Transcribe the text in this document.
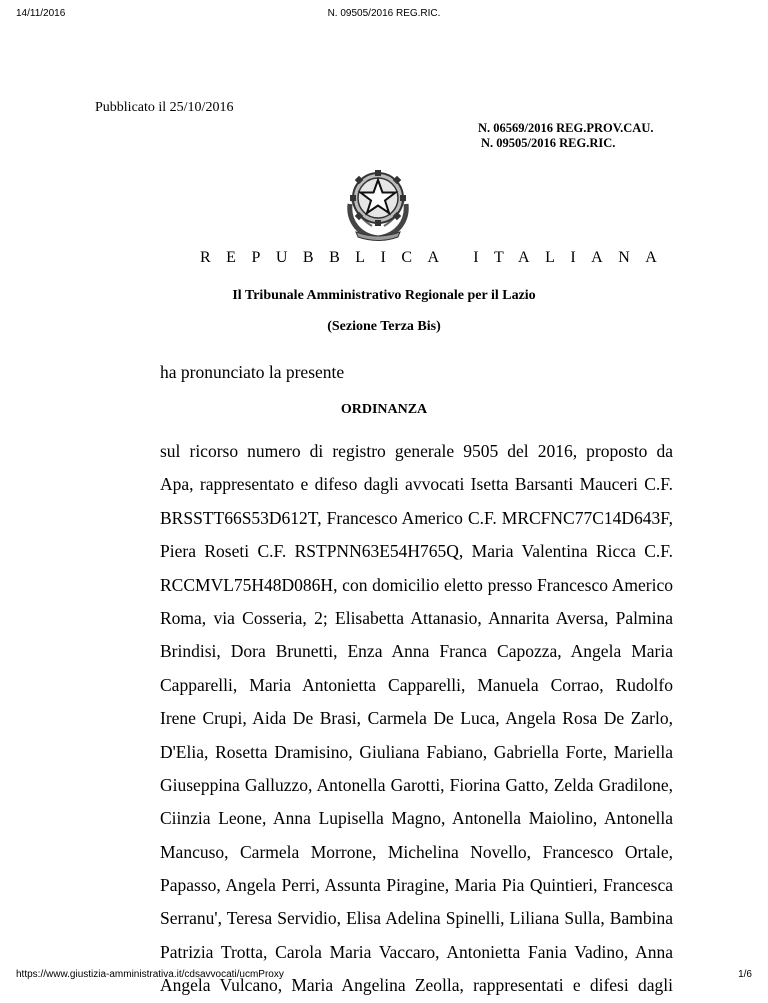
14/11/2016	N. 09505/2016 REG.RIC.
Pubblicato il 25/10/2016
N. 06569/2016 REG.PROV.CAU.
N. 09505/2016 REG.RIC.
REPUBBLICA ITALIANA
Il Tribunale Amministrativo Regionale per il Lazio
(Sezione Terza Bis)
ha pronunciato la presente
ORDINANZA
sul ricorso numero di registro generale 9505 del 2016, proposto da
Apa, rappresentato e difeso dagli avvocati Isetta Barsanti Mauceri C.F.
BRSSTT66S53D612T, Francesco Americo C.F. MRCFNC77C14D643F,
Piera Roseti C.F. RSTPNN63E54H765Q, Maria Valentina Ricca C.F.
RCCMVL75H48D086H, con domicilio eletto presso Francesco Americo
Roma, via Cosseria, 2; Elisabetta Attanasio, Annarita Aversa, Palmina
Brindisi, Dora Brunetti, Enza Anna Franca Capozza, Angela Maria
Capparelli, Maria Antonietta Capparelli, Manuela Corrao, Rudolfo
Irene Crupi, Aida De Brasi, Carmela De Luca, Angela Rosa De Zarlo,
D'Elia, Rosetta Dramisino, Giuliana Fabiano, Gabriella Forte, Mariella
Giuseppina Galluzzo, Antonella Garotti, Fiorina Gatto, Zelda Gradilone,
Ciinzia Leone, Anna Lupisella Magno, Antonella Maiolino, Antonella
Mancuso, Carmela Morrone, Michelina Novello, Francesco Ortale,
Papasso, Angela Perri, Assunta Piragine, Maria Pia Quintieri, Francesca
Serranu', Teresa Servidio, Elisa Adelina Spinelli, Liliana Sulla, Bambina
Patrizia Trotta, Carola Maria Vaccaro, Antonietta Fania Vadino, Anna
Angela Vulcano, Maria Angelina Zeolla, rappresentati e difesi dagli
https://www.giustizia-amministrativa.it/cdsavvocati/ucmProxy	1/6
